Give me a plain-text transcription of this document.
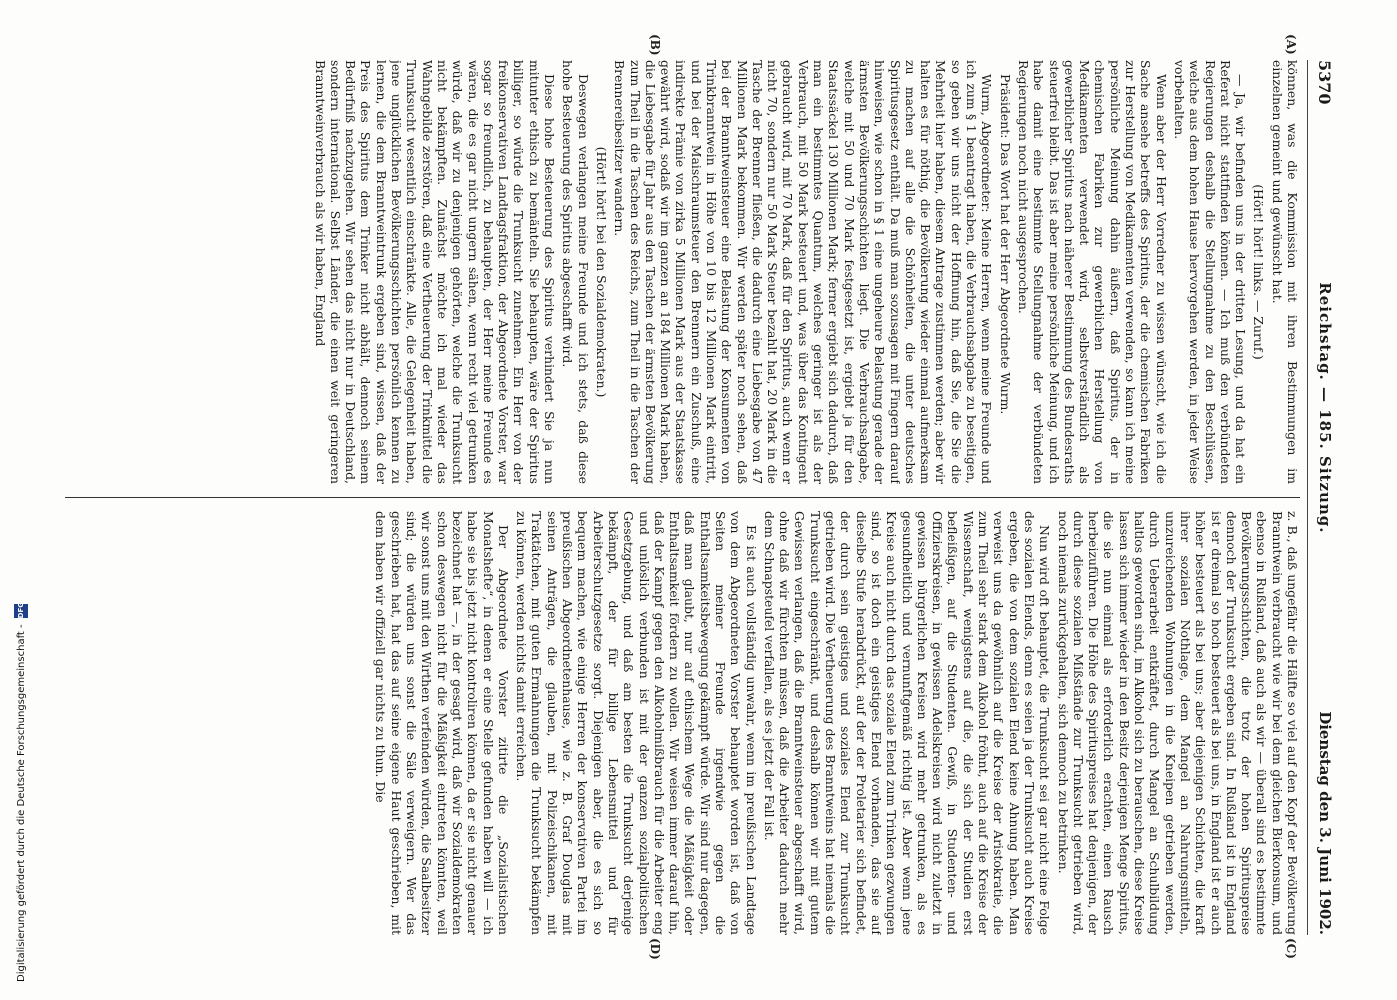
5370
Reichstag. — 185. Sitzung.
Dienstag den 3. Juni 1902.
(A)
(B)
(C)
(D)

können, was die Kommission mit ihren Bestimmungen im einzelnen gemeint und gewünscht hat.

(Hört! hört! links. — Zuruf.)

— Ja, wir befinden uns in der dritten Lesung, und da hat ein Referat nicht stattfinden können. — Ich muß den verbündeten Regierungen deshalb die Stellungnahme zu den Beschlüssen, welche aus dem hohen Hause hervorgehen werden, in jeder Weise vorbehalten.

Wenn aber der Herr Vorredner zu wissen wünscht, wie ich die Sache ansehe betreffs des Spiritus, der die chemischen Fabriken zur Herstellung von Medikamenten verwenden, so kann ich meine persönliche Meinung dahin äußern, daß Spiritus, der in chemischen Fabriken zur gewerblichen Herstellung von Medikamenten verwendet wird, selbstverständlich als gewerblicher Spiritus nach näherer Bestimmung des Bundesraths steuerfrei bleibt. Das ist aber meine persönliche Meinung, und ich habe damit eine bestimmte Stellungnahme der verbündeten Regierungen noch nicht ausgesprochen.

Präsident: Das Wort hat der Herr Abgeordnete Wurm.

Wurm, Abgeordneter: Meine Herren, wenn meine Freunde und ich zum § 1 beantragt haben, die Verbrauchsabgabe zu beseitigen, so geben wir uns nicht der Hoffnung hin, daß Sie, die Sie die Mehrheit hier haben, diesem Antrage zustimmen werden; aber wir halten es für nöthig, die Bevölkerung wieder einmal aufmerksam zu machen auf alle die Schönheiten, die unter deutsches Spiritusgesetz enthält. Da muß man sozusagen mit Fingern darauf hinweisen, wie schon in § 1 eine ungeheure Belastung gerade der ärmsten Bevölkerungsschichten liegt. Die Verbrauchsabgabe, welche mit 50 und 70 Mark festgesetzt ist, ergiebt ja für den Staatssäckel 130 Millionen Mark; ferner ergiebt sich dadurch, daß man ein bestimmtes Quantum, welches geringer ist als der Verbrauch, mit 50 Mark besteuert und, was über das Kontingent gebraucht wird, mit 70 Mark, daß für den Spiritus, auch wenn er nicht 70, sondern nur 50 Mark Steuer bezahlt hat, 20 Mark in die Tasche der Brenner fließen, die dadurch eine Liebesgabe von 47 Millionen Mark bekommen. Wir werden später noch sehen, daß bei der Branntweinsteuer eine Belastung der Konsumenten von Trinkbranntwein in Höhe von 10 bis 12 Millionen Mark eintritt, und bei der Maischraumsteuer den Brennern ein Zuschuß, eine indirekte Prämie von zirka 5 Millionen Mark aus der Staatskasse gewährt wird, sodaß wir im ganzen an 184 Millionen Mark haben, die Liebesgabe für Jahr aus den Taschen der ärmsten Bevölkerung zum Theil in die Taschen des Reichs, zum Theil in die Taschen der Brennereibesitzer wandern.

(Hört! hört! bei den Sozialdemokraten.)

Deswegen verlangen meine Freunde und ich stets, daß diese hohe Besteuerung des Spiritus abgeschafft wird.

Diese hohe Besteuerung des Spiritus verhindert Sie ja nun mitunter ethisch zu bemänteln. Sie behaupten, wäre der Spiritus billiger, so würde die Trunksucht zunehmen. Ein Herr von der freikonservativen Landtagsfraktion, der Abgeordnete Vorster, war sogar so freundlich, zu behaupten, der Herr meine Freunde es wären, die es gar nicht ungern sähen, wenn recht viel getrunken würde, daß wir zu denjenigen gehörten, welche die Trunksucht nicht bekämpften. Zunächst möchte ich mal wieder das Wahngebilde zerstören, daß eine Vertheuerung der Trinkmittel die Trunksucht wesentlich einschränkte. Alle, die Gelegenheit haben, jene unglücklichen Bevölkerungsschichten persönlich kennen zu lernen, die dem Branntweintrunk ergeben sind, wissen, daß der Preis des Spiritus dem Trinker nicht abhält, dennoch seinem Bedürfniß nachzugehen. Wir sehen das nicht nur in Deutschland, sondern international. Selbst Länder, die einen weit geringeren Branntweinverbrauch als wir haben, England

z. B., daß ungefähr die Hälfte so viel auf den Kopf der Bevölkerung Branntwein verbraucht wie wir bei dem gleichen Bierkonsum, und ebenso in Rußland, daß auch als wir — überall sind es bestimmte Bevölkerungsschichten, die trotz der hohen Spirituspreise dennoch der Trunksucht ergeben sind. In Rußland ist in England ist er dreimal so hoch besteuert als bei uns, in England ist er auch höher besteuert als bei uns; aber diejenigen Schichten, die kraft ihrer sozialen Nothlage, dem Mangel an Nahrungsmitteln, unzureichenden Wohnungen in die Kneipen getrieben werden, durch Ueberarbeit entkräftet, durch Mangel an Schulbildung haltlos geworden sind, im Alkohol sich zu berauschen, diese Kreise lassen sich immer wieder in den Besitz derjenigen Menge Spiritus, die sie nun einmal als erforderlich erachten, einen Rausch herbeizuführen. Die Höhe des Spirituspreises hat denjenigen, der durch diese sozialen Mißstände zur Trunksucht getrieben wird, noch niemals zurückgehalten, sich dennoch zu betrinken.

Nun wird oft behauptet, die Trunksucht sei gar nicht eine Folge des sozialen Elends, denn es seien ja der Trunksucht auch Kreise ergeben, die von dem sozialen Elend keine Ahnung haben. Man verweist uns da gewöhnlich auf die Kreise der Aristokratie, die zum Theil sehr stark dem Alkohol fröhnt, auch auf die Kreise der Wissenschaft, wenigstens auf die, die sich der Studien erst befleißigen, auf die Studenten. Gewiß, in Studenten- und Offizierskreisen, in gewissen Adelskreisen wird nicht zuletzt in gewissen bürgerlichen Kreisen wird mehr getrunken, als es gesundheitlich und vernunftgemäß richtig ist. Aber wenn jene Kreise auch nicht durch das soziale Elend zum Trinken gezwungen sind, so ist doch ein geistiges Elend vorhanden, das sie auf dieselbe Stufe herabdrückt, auf der der Proletarier sich befindet, der durch sein geistiges und soziales Elend zur Trunksucht getrieben wird. Die Vertheuerung des Branntweins hat niemals die Trunksucht eingeschränkt, und deshalb können wir mit gutem Gewissen verlangen, daß die Branntweinsteuer abgeschafft wird, ohne daß wir fürchten müssen, daß die Arbeiter dadurch mehr dem Schnapsteufel verfallen, als es jetzt der Fall ist.

Es ist auch vollständig unwahr, wenn im preußischen Landtage von dem Abgeordneten Vorster behauptet worden ist, daß von Seiten meiner Freunde irgendwie gegen die Enthaltsamkeitsbewegung gekämpft würde. Wir sind nur dagegen, daß man glaubt, nur auf ethischem Wege die Mäßigkeit oder Enthaltsamkeit fördern zu wollen. Wir weisen immer darauf hin, daß der Kampf gegen den Alkoholmißbrauch für die Arbeiter eng und unlöslich verbunden ist mit der ganzen sozialpolitischen Gesetzgebung, und daß am besten die Trunksucht derjenige bekämpft, der für billige Lebensmittel und für Arbeiterschutzgesetze sorgt. Diejenigen aber, die es sich so bequem machen, wie einige Herren der konservativen Partei im preußischen Abgeordnetenhause, wie z. B. Graf Douglas mit seinen Anträgen, die glauben, mit Polizeischikanen, mit Traktätchen, mit guten Ermahnungen die Trunksucht bekämpfen zu können, werden nichts damit erreichen.

Der Abgeordnete Vorster zitirte die „Sozialistischen Monatshefte“, in denen er eine Stelle gefunden haben will — ich habe sie bis jetzt nicht kontroliren können, da er sie nicht genauer bezeichnet hat —, in der gesagt wird, daß wir Sozialdemokraten schon deswegen nicht für die Mäßigkeit eintreten könnten, weil wir sonst uns mit den Wirthen verfeinden würden, die Saalbesitzer sind; die würden uns sonst die Säle verweigern. Wer das geschrieben hat, hat das auf seine eigene Haut geschrieben, mit dem haben wir offiziell gar nichts zu thun. Die

Digitalisierung gefördert durch die Deutsche Forschungsgemeinschaft -
DFG
